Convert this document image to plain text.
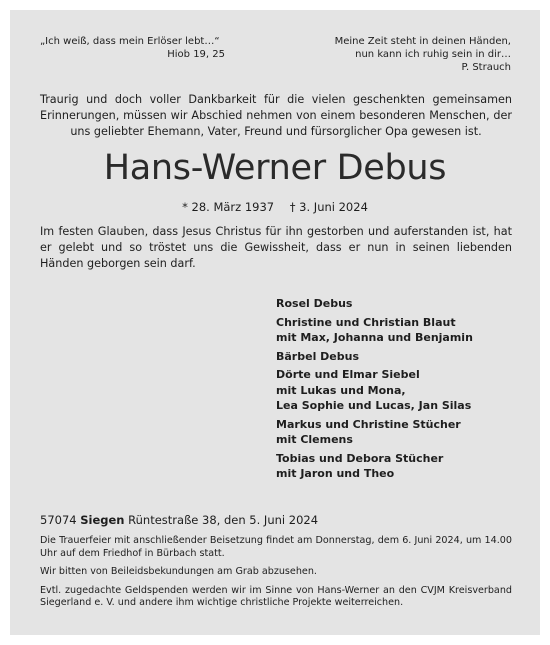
„Ich weiß, dass mein Erlöser lebt…“
Hiob 19, 25
Meine Zeit steht in deinen Händen,
nun kann ich ruhig sein in dir…
P. Strauch
Traurig und doch voller Dankbarkeit für die vielen geschenkten gemeinsamen Erinnerungen, müssen wir Abschied nehmen von einem besonderen Menschen, der uns geliebter Ehemann, Vater, Freund und fürsorglicher Opa gewesen ist.
Hans-Werner Debus
* 28. März 1937 † 3. Juni 2024
Im festen Glauben, dass Jesus Christus für ihn gestorben und auferstanden ist, hat er gelebt und so tröstet uns die Gewissheit, dass er nun in seinen liebenden Händen geborgen sein darf.
Rosel Debus
Christine und Christian Blaut
mit Max, Johanna und Benjamin
Bärbel Debus
Dörte und Elmar Siebel
mit Lukas und Mona,
Lea Sophie und Lucas, Jan Silas
Markus und Christine Stücher
mit Clemens
Tobias und Debora Stücher
mit Jaron und Theo
57074 Siegen Rüntestraße 38, den 5. Juni 2024

Die Trauerfeier mit anschließender Beisetzung findet am Donnerstag, dem 6. Juni 2024, um 14.00 Uhr auf dem Friedhof in Bürbach statt.

Wir bitten von Beileidsbekundungen am Grab abzusehen.

Evtl. zugedachte Geldspenden werden wir im Sinne von Hans-Werner an den CVJM Kreisverband Siegerland e. V. und andere ihm wichtige christliche Projekte weiterreichen.
